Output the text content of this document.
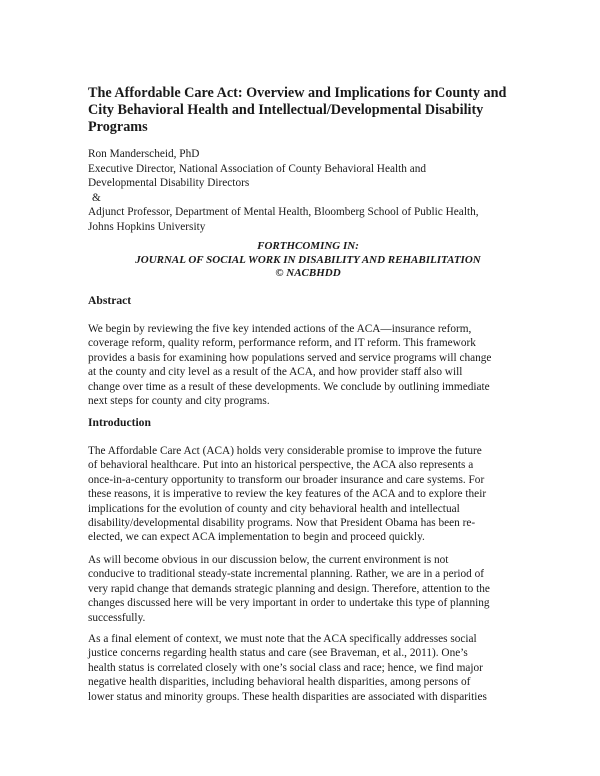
The Affordable Care Act: Overview and Implications for County and
City Behavioral Health and Intellectual/Developmental Disability
Programs
Ron Manderscheid, PhD
Executive Director, National Association of County Behavioral Health and
Developmental Disability Directors
&
Adjunct Professor, Department of Mental Health, Bloomberg School of Public Health,
Johns Hopkins University
FORTHCOMING IN:
JOURNAL OF SOCIAL WORK IN DISABILITY AND REHABILITATION
© NACBHDD
Abstract
We begin by reviewing the five key intended actions of the ACA—insurance reform,
coverage reform, quality reform, performance reform, and IT reform. This framework
provides a basis for examining how populations served and service programs will change
at the county and city level as a result of the ACA, and how provider staff also will
change over time as a result of these developments. We conclude by outlining immediate
next steps for county and city programs.
Introduction
The Affordable Care Act (ACA) holds very considerable promise to improve the future
of behavioral healthcare. Put into an historical perspective, the ACA also represents a
once-in-a-century opportunity to transform our broader insurance and care systems. For
these reasons, it is imperative to review the key features of the ACA and to explore their
implications for the evolution of county and city behavioral health and intellectual
disability/developmental disability programs. Now that President Obama has been re-
elected, we can expect ACA implementation to begin and proceed quickly.
As will become obvious in our discussion below, the current environment is not
conducive to traditional steady-state incremental planning. Rather, we are in a period of
very rapid change that demands strategic planning and design. Therefore, attention to the
changes discussed here will be very important in order to undertake this type of planning
successfully.
As a final element of context, we must note that the ACA specifically addresses social
justice concerns regarding health status and care (see Braveman, et al., 2011). One’s
health status is correlated closely with one’s social class and race; hence, we find major
negative health disparities, including behavioral health disparities, among persons of
lower status and minority groups. These health disparities are associated with disparities
